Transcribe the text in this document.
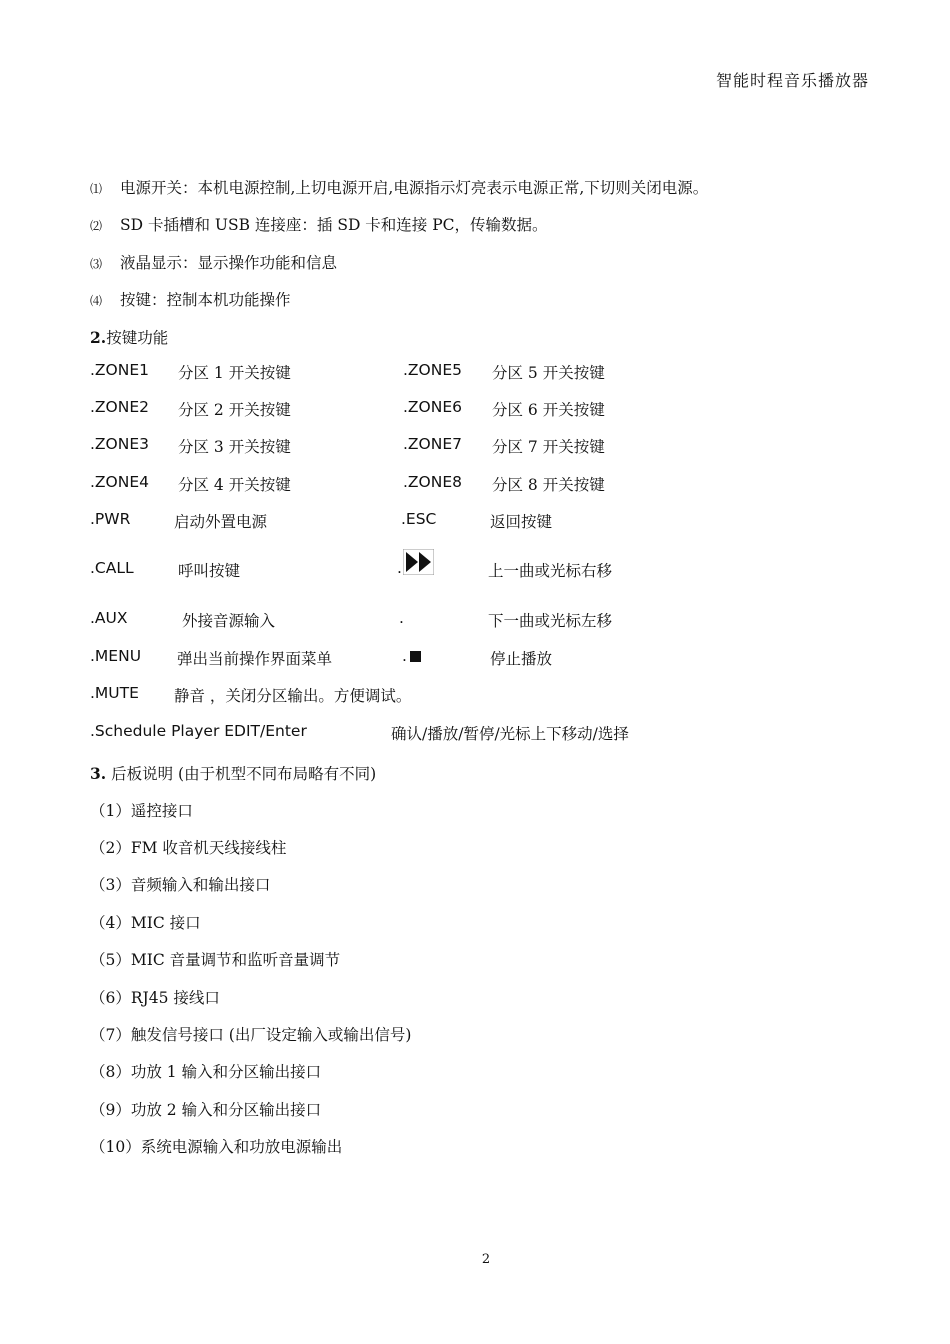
智能时程音乐播放器
⑴ 电源开关：本机电源控制,上切电源开启,电源指示灯亮表示电源正常,下切则关闭电源。
⑵ SD 卡插槽和 USB 连接座：插 SD 卡和连接 PC，传输数据。
⑶ 液晶显示：显示操作功能和信息
⑷ 按键：控制本机功能操作
2.按键功能
.ZONE1 分区 1 开关按键	.ZONE5 分区 5 开关按键
.ZONE2 分区 2 开关按键	.ZONE6 分区 6 开关按键
.ZONE3 分区 3 开关按键	.ZONE7 分区 7 开关按键
.ZONE4 分区 4 开关按键	.ZONE8 分区 8 开关按键
.PWR	启动外置电源	.ESC	返回按键
.CALL	呼叫按键	.	上一曲或光标右移
.AUX	外接音源输入	.	下一曲或光标左移
.MENU 弹出当前操作界面菜单	.	停止播放
.MUTE 静音 ，关闭分区输出。方便调试。
.Schedule Player EDIT/Enter	确认/播放/暂停/光标上下移动/选择
3. 后板说明 (由于机型不同布局略有不同)
（1）遥控接口
（2）FM 收音机天线接线柱
（3）音频输入和输出接口
（4）MIC 接口
（5）MIC 音量调节和监听音量调节
（6）RJ45 接线口
（7）触发信号接口 (出厂设定输入或输出信号)
（8）功放 1 输入和分区输出接口
（9）功放 2 输入和分区输出接口
（10）系统电源输入和功放电源输出
2
